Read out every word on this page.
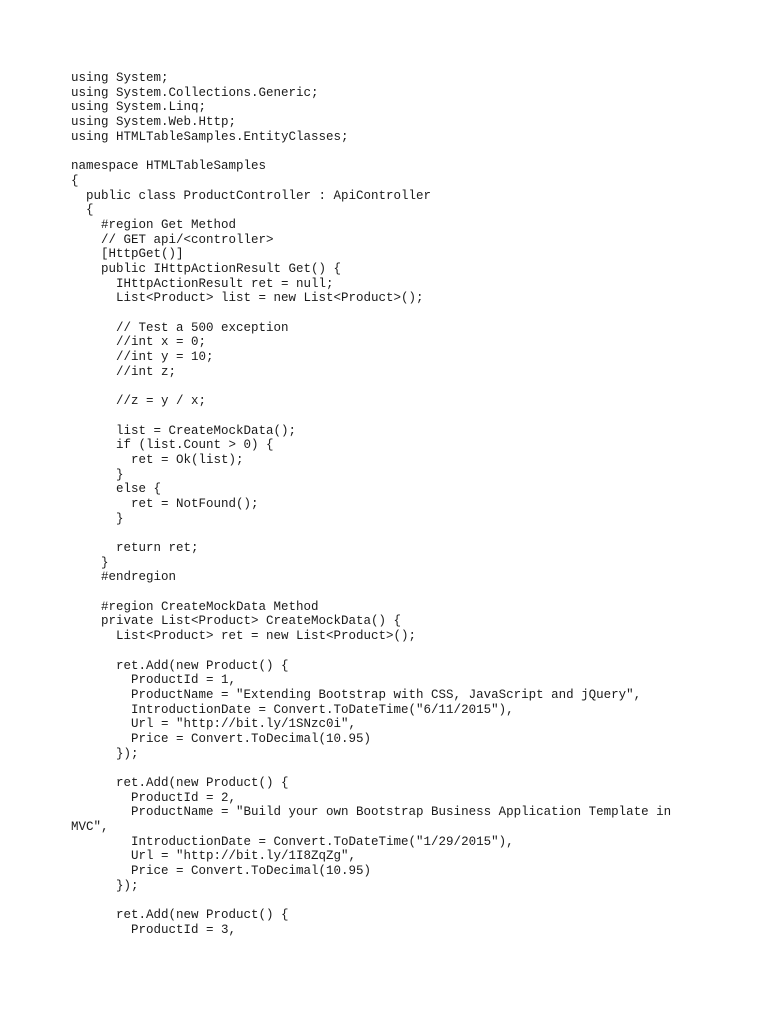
using System;
using System.Collections.Generic;
using System.Linq;
using System.Web.Http;
using HTMLTableSamples.EntityClasses;
namespace HTMLTableSamples
{
public class ProductController : ApiController
{
#region Get Method
// GET api/<controller>
[HttpGet()]
public IHttpActionResult Get() {
IHttpActionResult ret = null;
List<Product> list = new List<Product>();
// Test a 500 exception
//int x = 0;
//int y = 10;
//int z;
//z = y / x;
list = CreateMockData();
if (list.Count > 0) {
ret = Ok(list);
}
else {
ret = NotFound();
}
return ret;
}
#endregion
#region CreateMockData Method
private List<Product> CreateMockData() {
List<Product> ret = new List<Product>();
ret.Add(new Product() {
ProductId = 1,
ProductName = "Extending Bootstrap with CSS, JavaScript and jQuery",
IntroductionDate = Convert.ToDateTime("6/11/2015"),
Url = "http://bit.ly/1SNzc0i",
Price = Convert.ToDecimal(10.95)
});
ret.Add(new Product() {
ProductId = 2,
ProductName = "Build your own Bootstrap Business Application Template in
MVC",
IntroductionDate = Convert.ToDateTime("1/29/2015"),
Url = "http://bit.ly/1I8ZqZg",
Price = Convert.ToDecimal(10.95)
});
ret.Add(new Product() {
ProductId = 3,
